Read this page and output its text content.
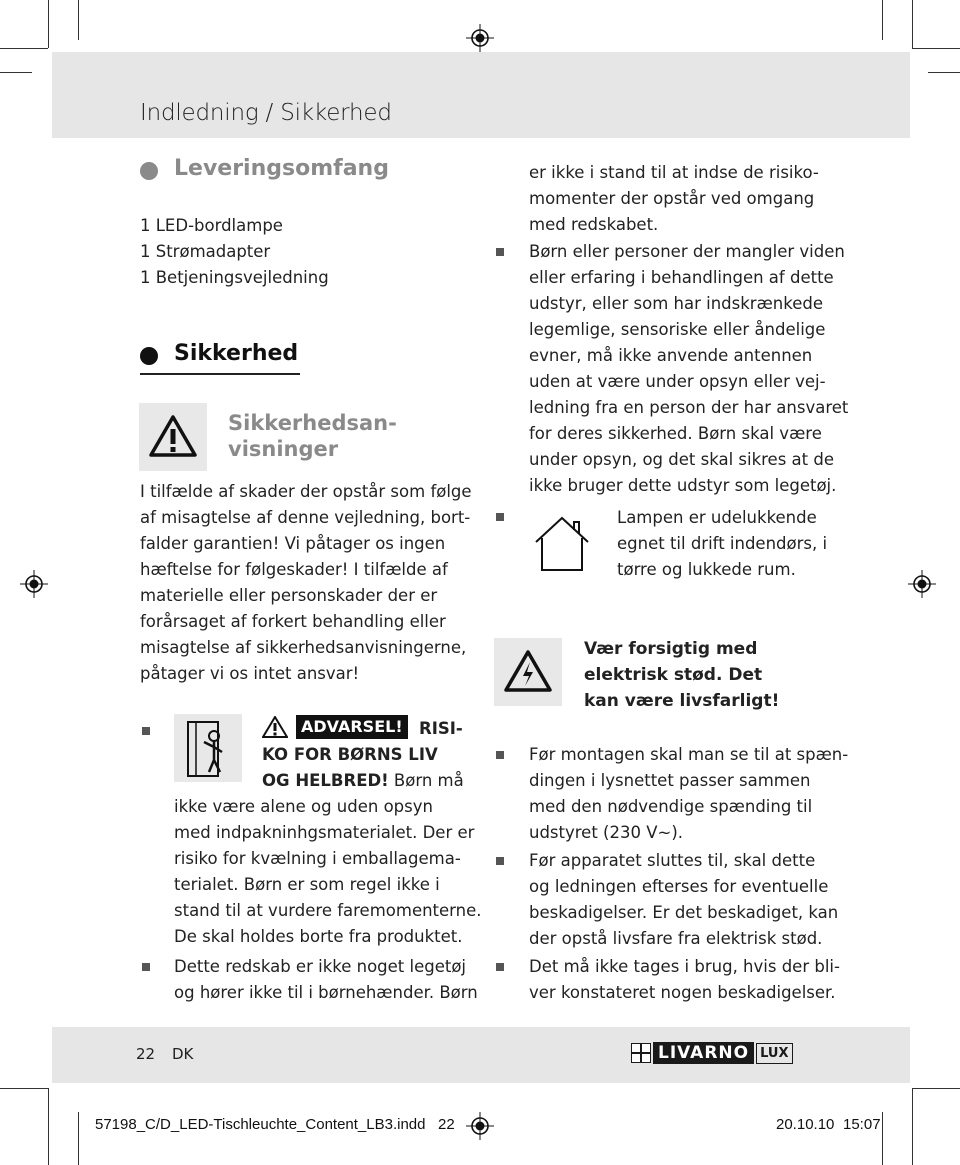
Indledning / Sikkerhed
Leveringsomfang
1 LED-bordlampe
1 Strømadapter
1 Betjeningsvejledning
Sikkerhed
Sikkerhedsan-
visninger
I tilfælde af skader der opstår som følge
af misagtelse af denne vejledning, bort-
falder garantien! Vi påtager os ingen
hæftelse for følgeskader! I tilfælde af
materielle eller personskader der er
forårsaget af forkert behandling eller
misagtelse af sikkerhedsanvisningerne,
påtager vi os intet ansvar!
ADVARSEL! RISI-
KO FOR BØRNS LIV
OG HELBRED! Børn må
ikke være alene og uden opsyn
med indpakninhgsmaterialet. Der er
risiko for kvælning i emballagema-
terialet. Børn er som regel ikke i
stand til at vurdere faremomenterne.
De skal holdes borte fra produktet.
Dette redskab er ikke noget legetøj
og hører ikke til i børnehænder. Børn
er ikke i stand til at indse de risiko-
momenter der opstår ved omgang
med redskabet.
Børn eller personer der mangler viden
eller erfaring i behandlingen af dette
udstyr, eller som har indskrænkede
legemlige, sensoriske eller åndelige
evner, må ikke anvende antennen
uden at være under opsyn eller vej-
ledning fra en person der har ansvaret
for deres sikkerhed. Børn skal være
under opsyn, og det skal sikres at de
ikke bruger dette udstyr som legetøj.
Lampen er udelukkende
egnet til drift indendørs, i
tørre og lukkede rum.
Vær forsigtig med
elektrisk stød. Det
kan være livsfarligt!
Før montagen skal man se til at spæn-
dingen i lysnettet passer sammen
med den nødvendige spænding til
udstyret (230 V∼).
Før apparatet sluttes til, skal dette
og ledningen efterses for eventuelle
beskadigelser. Er det beskadiget, kan
der opstå livsfare fra elektrisk stød.
Det må ikke tages i brug, hvis der bli-
ver konstateret nogen beskadigelser.
22 DK	LIVARNO LUX
57198_C/D_LED-Tischleuchte_Content_LB3.indd   22	20.10.10 15:07
